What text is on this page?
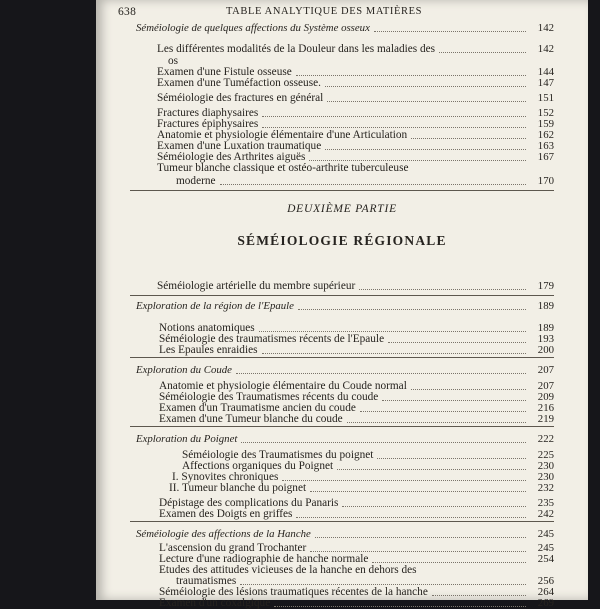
638	TABLE ANALYTIQUE DES MATIÈRES
Séméiologie de quelques affections du Système osseux	142
Les différentes modalités de la Douleur dans les maladies des	142
os
Examen d'une Fistule osseuse	144
Examen d'une Tuméfaction osseuse.	147
Séméiologie des fractures en général	151
Fractures diaphysaires	152
Fractures épiphysaires	159
Anatomie et physiologie élémentaire d'une Articulation	162
Examen d'une Luxation traumatique	163
Séméiologie des Arthrites aiguës	167
Tumeur blanche classique et ostéo-arthrite tuberculeuse
moderne	170
Séméiologie artérielle du membre supérieur	179
Exploration de la région de l'Epaule	189
Notions anatomiques	189
Séméiologie des traumatismes récents de l'Epaule	193
Les Epaules enraidies	200
Exploration du Coude	207
Anatomie et physiologie élémentaire du Coude normal	207
Séméiologie des Traumatismes récents du coude	209
Examen d'un Traumatisme ancien du coude	216
Examen d'une Tumeur blanche du coude	219
Exploration du Poignet	222
Séméiologie des Traumatismes du poignet	225
Affections organiques du Poignet	230
I. Synovites chroniques	230
II. Tumeur blanche du poignet	232
Dépistage des complications du Panaris	235
Examen des Doigts en griffes	242
Séméiologie des affections de la Hanche	245
L'ascension du grand Trochanter	245
Lecture d'une radiographie de hanche normale	254
Etudes des attitudes vicieuses de la hanche en dehors des
traumatismes	256
Séméiologie des lésions traumatiques récentes de la hanche	264
Examen d'un coxalgique	269
DEUXIÈME PARTIE
SÉMÉIOLOGIE RÉGIONALE
